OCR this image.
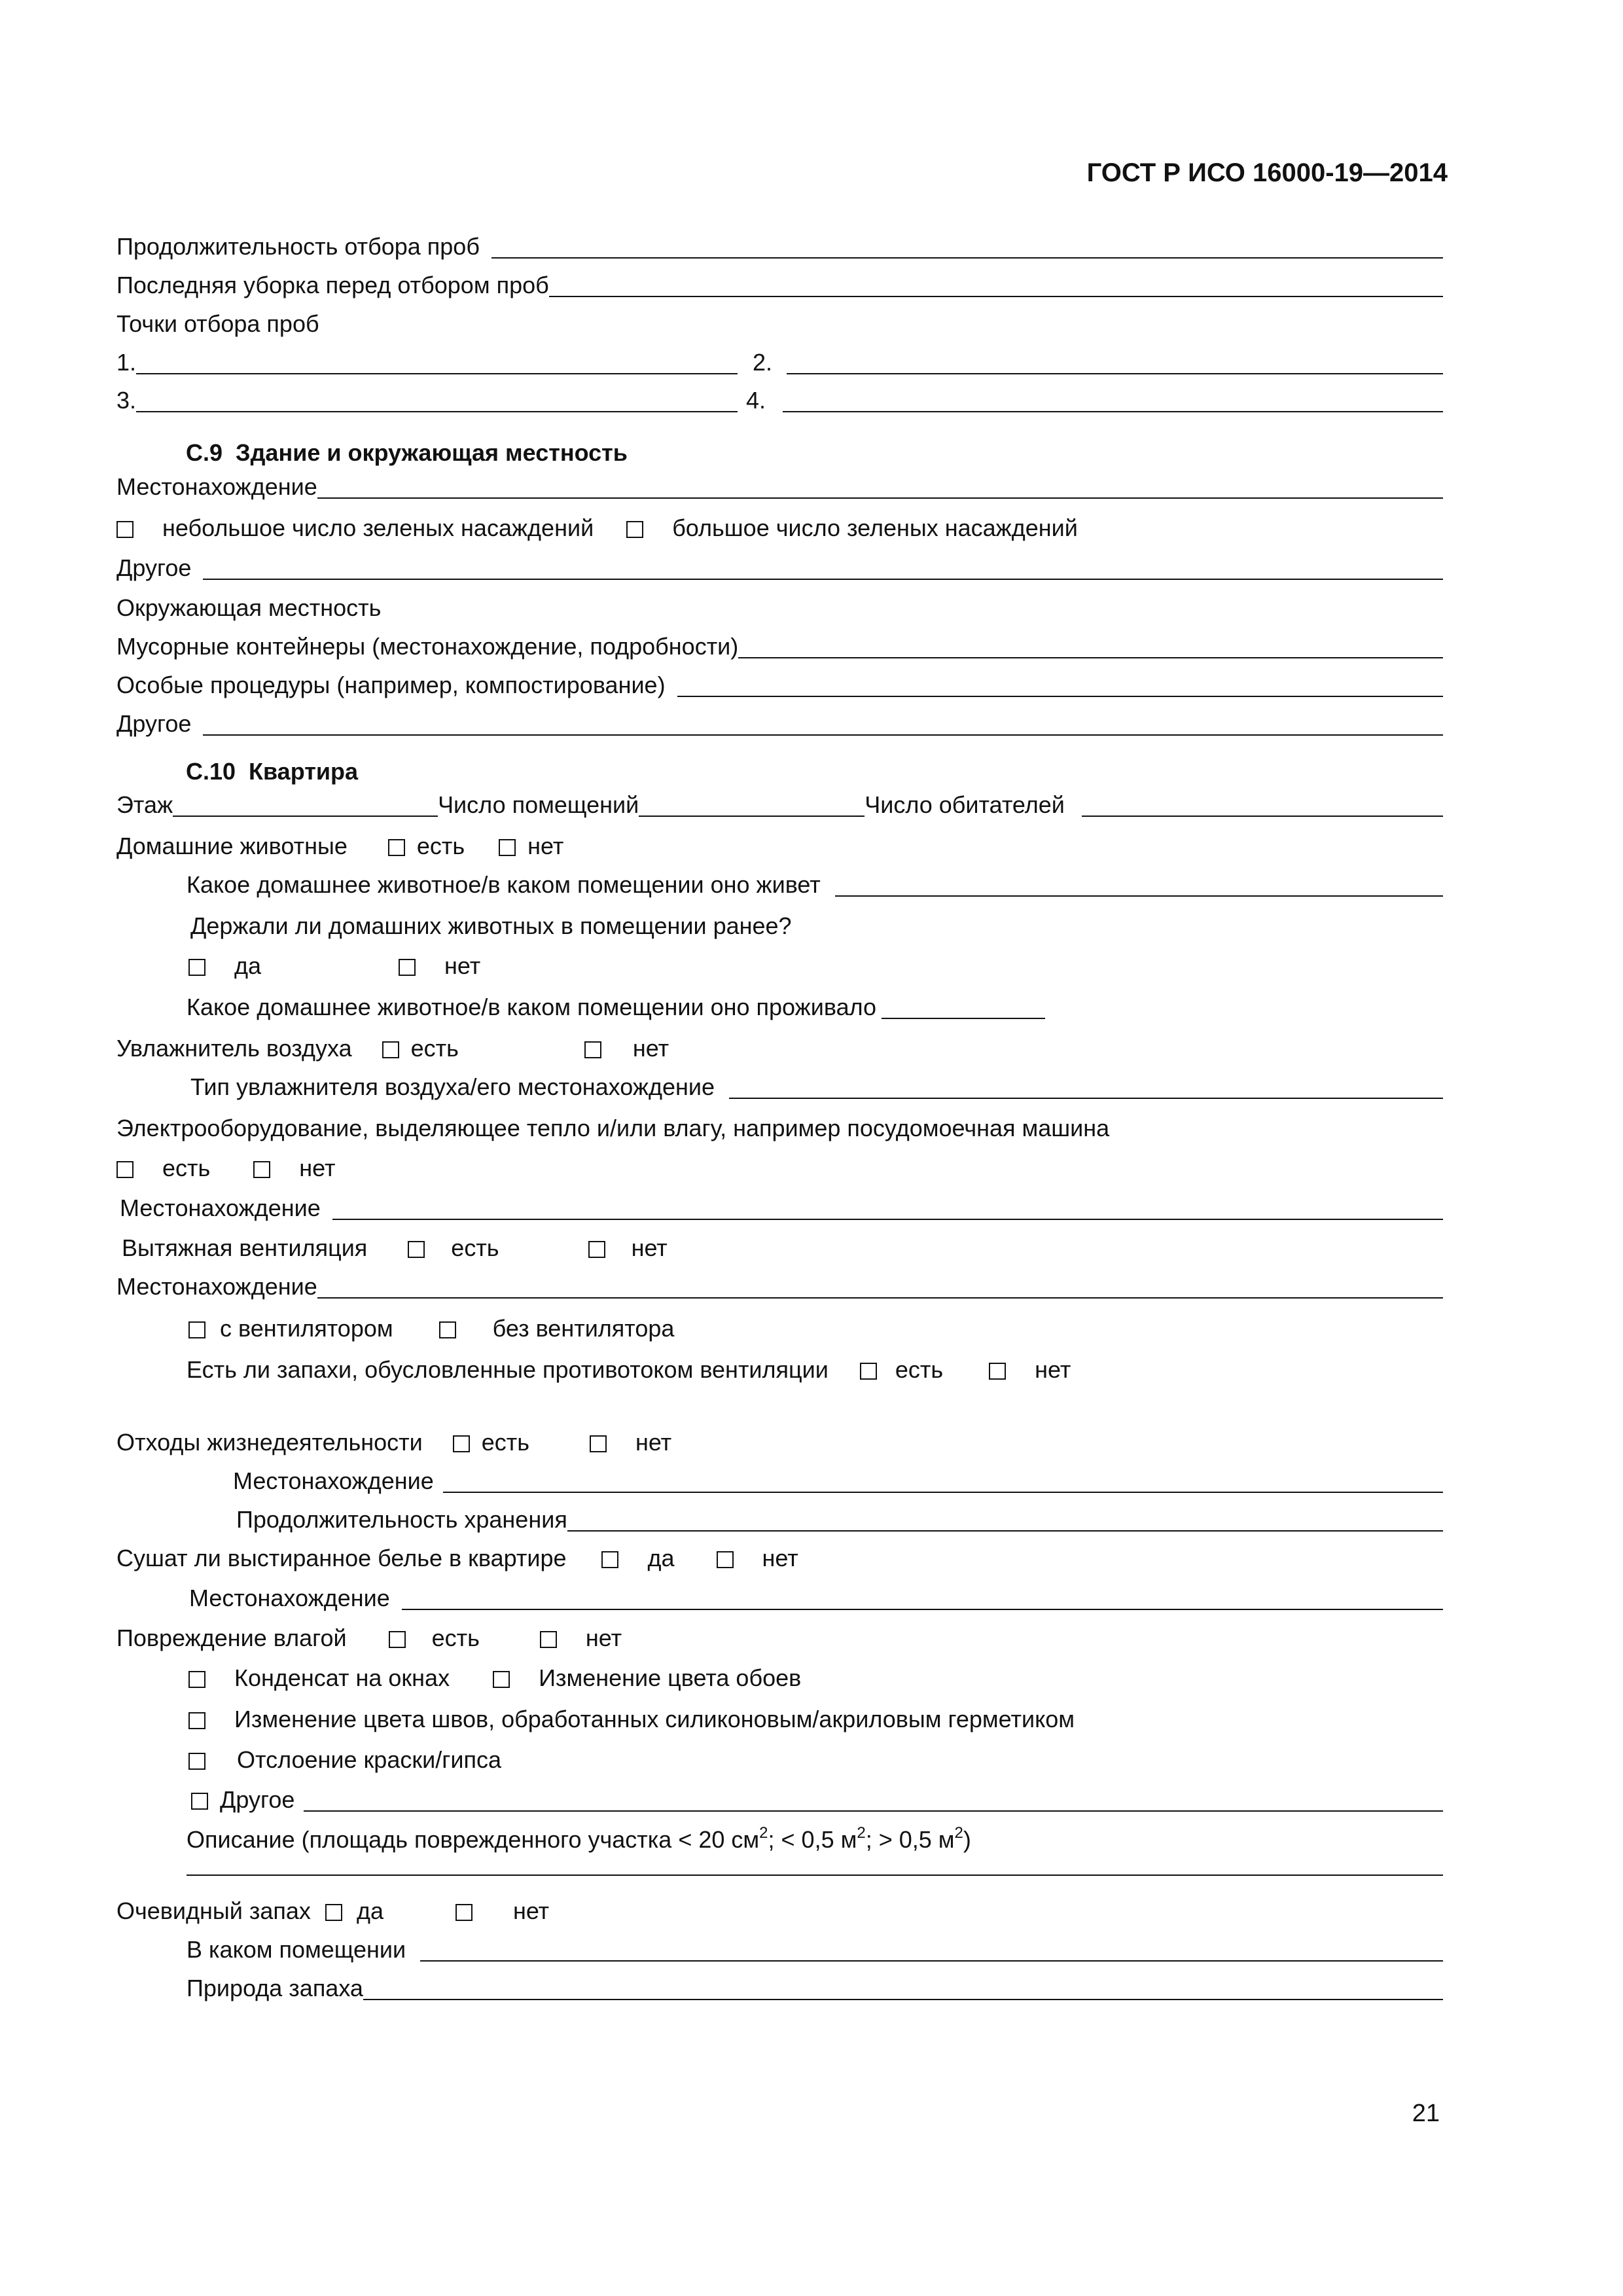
ГОСТ Р ИСО 16000-19—2014
Продолжительность отбора проб
Последняя уборка перед отбором проб
Точки отбора проб
1.	2.
3.	4.
С.9  Здание и окружающая местность
Местонахождение
небольшое число зеленых насаждений	большое число зеленых насаждений
Другое
Окружающая местность
Мусорные контейнеры (местонахождение, подробности)
Особые процедуры (например, компостирование)
Другое
С.10  Квартира
Этаж	Число помещений	Число обитателей
Домашние животные	есть	нет
Какое домашнее животное/в каком помещении оно живет
Держали ли домашних животных в помещении ранее?
да	нет
Какое домашнее животное/в каком помещении оно проживало
Увлажнитель воздуха	есть	нет
Тип увлажнителя воздуха/его местонахождение
Электрооборудование, выделяющее тепло и/или влагу, например посудомоечная машина
есть	нет
Местонахождение
Вытяжная вентиляция	есть	нет
Местонахождение
с вентилятором	без вентилятора
Есть ли запахи, обусловленные противотоком вентиляции	есть	нет
Отходы жизнедеятельности	есть	нет
Местонахождение
Продолжительность хранения
Сушат ли выстиранное белье в квартире	да	нет
Местонахождение
Повреждение влагой	есть	нет
Конденсат на окнах	Изменение цвета обоев
Изменение цвета швов, обработанных силиконовым/акриловым герметиком
Отслоение краски/гипса
Другое
Описание (площадь поврежденного участка < 20 $см^2$; < 0,5 $м^2$; > 0,5 $м^2$)
Очевидный запах да	нет
В каком помещении
Природа запаха
21
